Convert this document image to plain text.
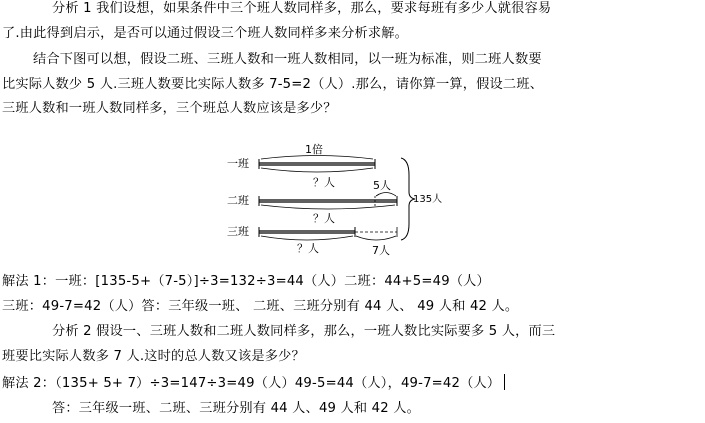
分析 1 我们设想，如果条件中三个班人数同样多，那么，要求每班有多少人就很容易
了.由此得到启示，是否可以通过假设三个班人数同样多来分析求解。
结合下图可以想，假设二班、三班人数和一班人数相同，以一班为标准，则二班人数要
比实际人数少 5 人.三班人数要比实际人数多 7-5=2（人）.那么，请你算一算，假设二班、
三班人数和一班人数同样多，三个班总人数应该是多少？
一班
1倍
？人
二班
5人
？人
三班
？人	7人
135人
解法 1：一班：[135-5+（7-5）]÷3=132÷3=44（人）二班：44+5=49（人）
三班：49-7=42（人）答：三年级一班、 二班、三班分别有 44 人、 49 人和 42 人。
分析 2 假设一、三班人数和二班人数同样多，那么，一班人数比实际要多 5 人，而三
班要比实际人数多 7 人.这时的总人数又该是多少？
解法 2：（135+ 5+ 7）÷3=147÷3=49（人）49-5=44（人），49-7=42（人）
答：三年级一班、二班、三班分别有 44 人、49 人和 42 人。
